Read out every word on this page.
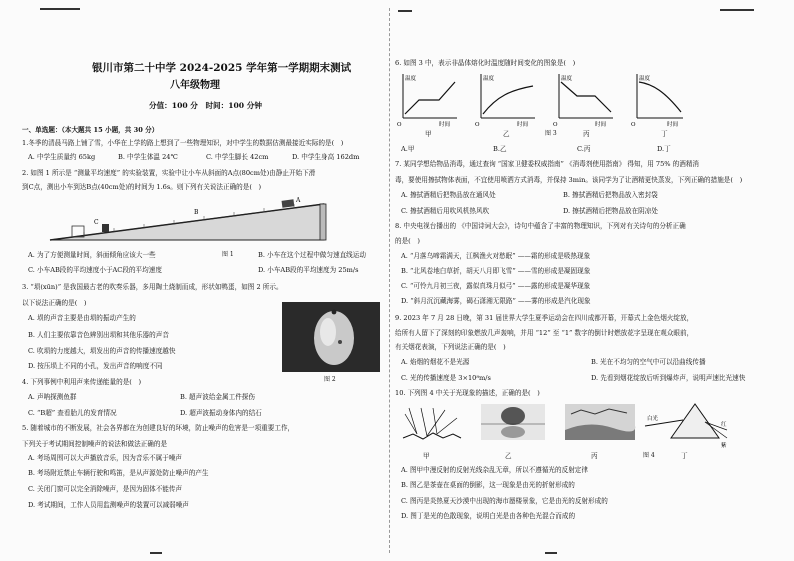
银川市第二十中学 2024-2025 学年第一学期期末测试
八年级物理
分值：100 分　时间：100 分钟
一、单选题：（本大题共 15 小题，共 30 分）
1.冬季的清晨马路上铺了雪，小华在上学的路上想到了一些物理知识，对中学生的数据估测最接近实际的是(　)
A. 中学生质量约 65kg	B. 中学生体温 24℃	C. 中学生脚长 42cm	D. 中学生身高 162dm
2. 如图 1 所示是 “测量平均速度” 的实验装置，实验中让小车从斜面的A点(80cm处)由静止开始下滑
到C点，测出小车到达B点(40cm处)的时间为 1.6s。则下列有关说法正确的是(　)
A
B
C
A. 为了方便测量时间，斜面倾角应该大一些	图 1	B. 小车在这个过程中做匀速直线运动
C. 小车AB段的平均速度小于AC段的平均速度	D. 小车AB段的平均速度为 25m/s
3. “埙(xūn)” 是我国最古老的吹奏乐器，多用陶土烧制而成，形状如鸭蛋，如图 2 所示。
以下说法正确的是(　)
A. 埙的声音主要是由埙的振动产生的
B. 人们主要依靠音色辨别出埙和其他乐器的声音
C. 吹埙的力度越大，埙发出的声音的传播速度越快
D. 按压埙上不同的小孔，发出声音的响度不同
图 2
4. 下列事例中利用声来传递能量的是(　)
A. 声呐探测鱼群	B. 超声波给金属工件探伤
C. “B超” 查看胎儿的发育情况	D. 超声波振动身体内的结石
5. 随着城市的不断发展，社会各界都在为创建良好的环境，防止噪声的危害是一项重要工作，
下列关于考试期间控制噪声的说法和做法正确的是
A. 考场周围可以大声播放音乐，因为音乐不属于噪声
B. 考场附近禁止车辆行驶和鸣笛，是从声源处防止噪声的产生
C. 关闭门窗可以完全消除噪声，是因为固体不能传声
D. 考试期间，工作人员用监测噪声的装置可以减弱噪声
6. 如图 3 中，表示非晶体熔化时温度随时间变化的图象是(　)
温度
时间
O
温度
时间
O
温度
时间
O
温度
时间
O
甲	乙	图 3	丙	丁
A.甲	B.乙	C.丙	D.丁
7. 某同学想给物品消毒，通过查询 “国家卫健委权威指南” 《消毒剂使用指南》 得知，用 75% 的酒精消
毒，要使用擦拭物体表面，不宜使用喷洒方式消毒，并保持 3min。该同学为了让酒精更快蒸发，下列正确的措施是(　)
A. 擦拭酒精后把物品放在通风处	B. 擦拭酒精后把物品放入密封袋
C. 擦拭酒精后用吹风机热风吹	D. 擦拭酒精后把物品放在阴凉处
8. 中央电视台播出的 《中国诗词大会》，诗句中蕴含了丰富的物理知识，下列对有关诗句的分析正确
的是(　)
A. “月落乌啼霜满天，江枫渔火对愁眠” ——霜的形成是吸热现象
B. “北风卷地白草折，胡天八月即飞雪” ——雪的形成是凝固现象
C. “可怜九月初三夜，露似真珠月似弓” ——露的形成是凝华现象
D. “斜月沉沉藏海雾，碣石潇湘无限路” ——雾的形成是汽化现象
9. 2023 年 7 月 28 日晚，第 31 届世界大学生夏季运动会在四川成都开幕，开幕式上金色烟火绽放，
给所有人留下了深刻的印象燃放几声轰响，并用 “12” 至 “1” 数字的倒计时燃放花字呈现在观众眼前，
有关烟花表演，下列说法正确的是(　)
A. 焰烟的烟花不是光源	B. 光在不均匀的空气中可以沿曲线传播
C. 光的传播速度是 3×10⁸m/s	D. 先看到烟花绽放后听到爆炸声，说明声速比光速快
10. 下列图 4 中关于光现象的描述，正确的是(　)
白光
红
紫
甲	乙	丙	丁
图 4
A. 图甲中漫反射的反射光线杂乱无章，所以不遵循光的反射定律
B. 图乙是茶壶在桌面的倒影，这一现象是由光的折射形成的
C. 图丙是炎热夏天沙漠中出现的海市蜃楼景象，它是由光的反射形成的
D. 图丁是光的色散现象，说明白光是由各种色光混合而成的
